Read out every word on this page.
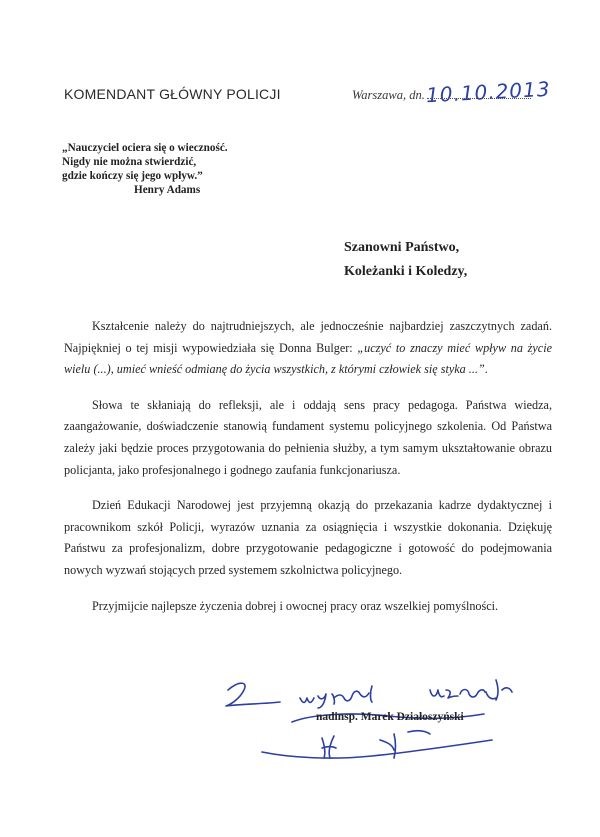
KOMENDANT GŁÓWNY POLICJI	Warszawa, dn. 10.10.2013
„Nauczyciel ociera się o wieczność.
Nigdy nie można stwierdzić,
gdzie kończy się jego wpływ.”
Henry Adams
Szanowni Państwo,
Koleżanki i Koledzy,

Kształcenie należy do najtrudniejszych, ale jednocześnie najbardziej zaszczytnych zadań. Najpiękniej o tej misji wypowiedziała się Donna Bulger: „uczyć to znaczy mieć wpływ na życie wielu (...), umieć wnieść odmianę do życia wszystkich, z którymi człowiek się styka ...”.

Słowa te skłaniają do refleksji, ale i oddają sens pracy pedagoga. Państwa wiedza, zaangażowanie, doświadczenie stanowią fundament systemu policyjnego szkolenia. Od Państwa zależy jaki będzie proces przygotowania do pełnienia służby, a tym samym ukształtowanie obrazu policjanta, jako profesjonalnego i godnego zaufania funkcjonariusza.

Dzień Edukacji Narodowej jest przyjemną okazją do przekazania kadrze dydaktycznej i pracownikom szkół Policji, wyrazów uznania za osiągnięcia i wszystkie dokonania. Dziękuję Państwu za profesjonalizm, dobre przygotowanie pedagogiczne i gotowość do podejmowania nowych wyzwań stojących przed systemem szkolnictwa policyjnego.

Przyjmijcie najlepsze życzenia dobrej i owocnej pracy oraz wszelkiej pomyślności.

nadinsp. Marek Działoszyński
